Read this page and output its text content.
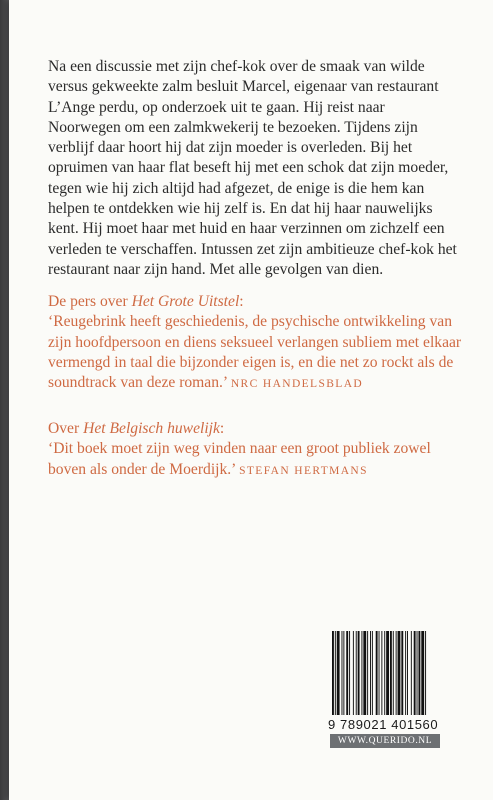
Na een discussie met zijn chef-kok over de smaak van wilde versus gekweekte zalm besluit Marcel, eigenaar van restaurant L’Ange perdu, op onderzoek uit te gaan. Hij reist naar Noorwegen om een zalmkwekerij te bezoeken. Tijdens zijn verblijf daar hoort hij dat zijn moeder is overleden. Bij het opruimen van haar flat beseft hij met een schok dat zijn moeder, tegen wie hij zich altijd had afgezet, de enige is die hem kan helpen te ontdekken wie hij zelf is. En dat hij haar nauwelijks kent. Hij moet haar met huid en haar verzinnen om zichzelf een verleden te verschaffen. Intussen zet zijn ambitieuze chef-kok het restaurant naar zijn hand. Met alle gevolgen van dien.

De pers over Het Grote Uitstel:

‘Reugebrink heeft geschiedenis, de psychische ontwikkeling van zijn hoofdpersoon en diens seksueel verlangen subliem met elkaar vermengd in taal die bijzonder eigen is, en die net zo rockt als de soundtrack van deze roman.’ NRC HANDELSBLAD

Over Het Belgisch huwelijk:

‘Dit boek moet zijn weg vinden naar een groot publiek zowel boven als onder de Moerdijk.’ STEFAN HERTMANS

9 789021 401560
WWW.QUERIDO.NL
